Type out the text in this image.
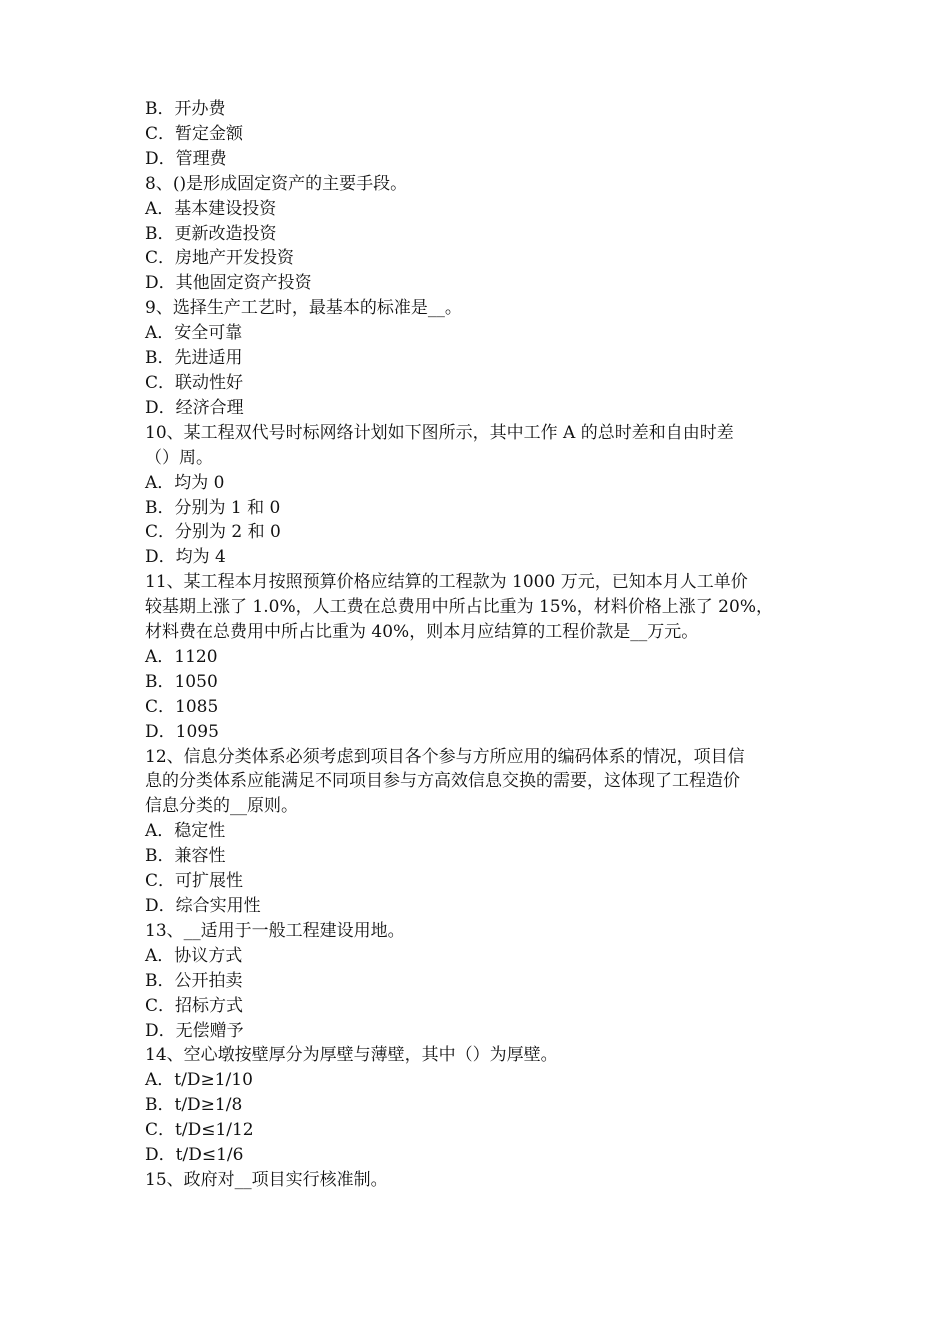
B．开办费

C．暂定金额

D．管理费

8、()是形成固定资产的主要手段。

A．基本建设投资

B．更新改造投资

C．房地产开发投资

D．其他固定资产投资

9、选择生产工艺时，最基本的标准是__。

A．安全可靠

B．先进适用

C．联动性好

D．经济合理

10、某工程双代号时标网络计划如下图所示，其中工作 A 的总时差和自由时差

（）周。

A．均为 0

B．分别为 1 和 0

C．分别为 2 和 0

D．均为 4

11、某工程本月按照预算价格应结算的工程款为 1000 万元，已知本月人工单价

较基期上涨了 1.0%，人工费在总费用中所占比重为 15%，材料价格上涨了 20%，

材料费在总费用中所占比重为 40%，则本月应结算的工程价款是__万元。

A．1120

B．1050

C．1085

D．1095

12、信息分类体系必须考虑到项目各个参与方所应用的编码体系的情况，项目信

息的分类体系应能满足不同项目参与方高效信息交换的需要，这体现了工程造价

信息分类的__原则。

A．稳定性

B．兼容性

C．可扩展性

D．综合实用性

13、__适用于一般工程建设用地。

A．协议方式

B．公开拍卖

C．招标方式

D．无偿赠予

14、空心墩按壁厚分为厚壁与薄壁，其中（）为厚壁。

A．t/D≥1/10

B．t/D≥1/8

C．t/D≤1/12

D．t/D≤1/6

15、政府对__项目实行核准制。
